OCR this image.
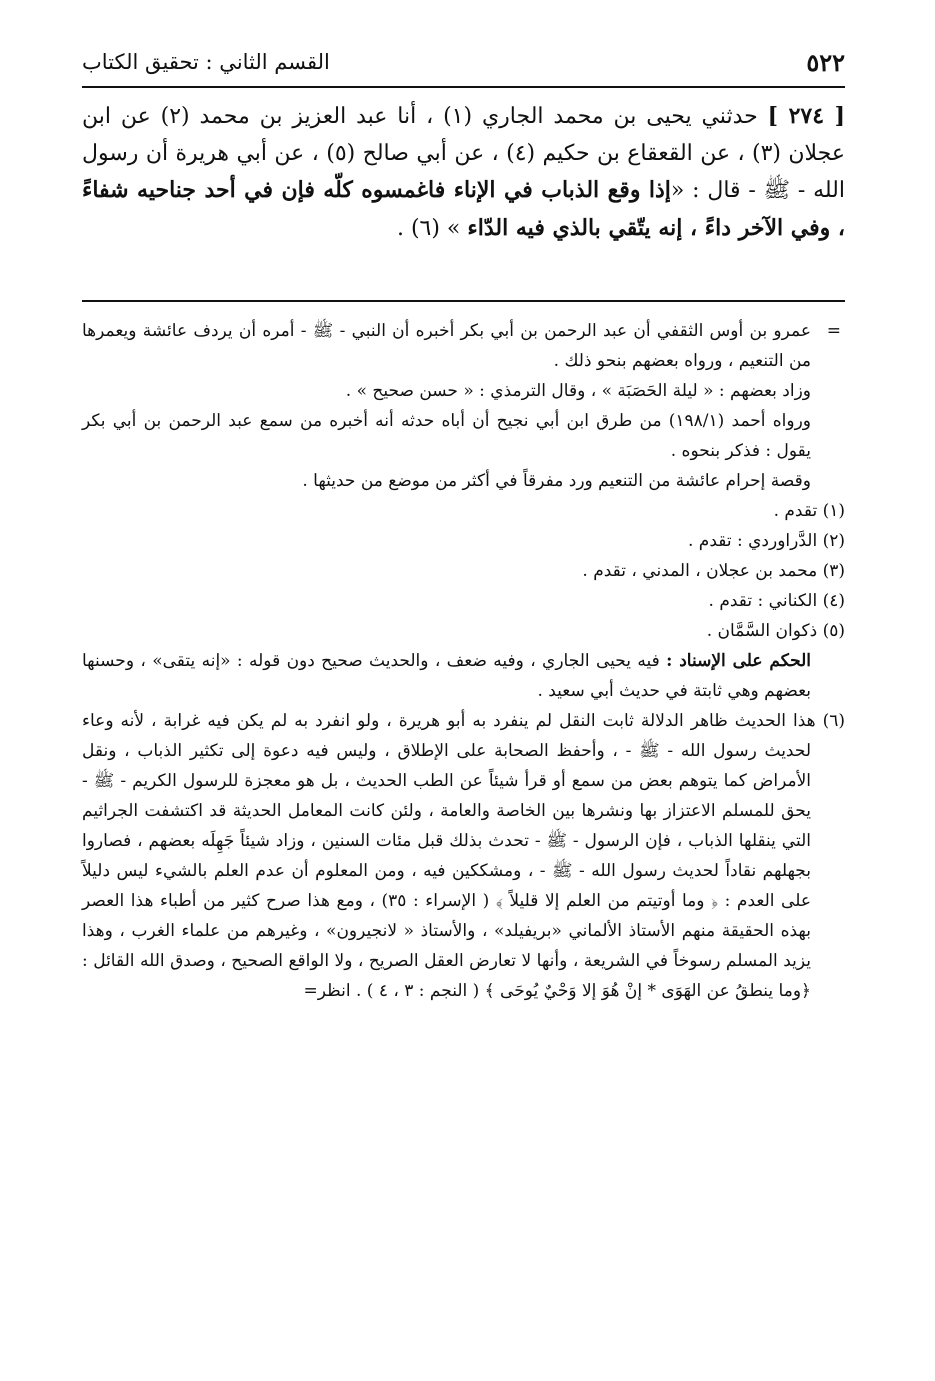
٥٢٢

القسم الثاني : تحقيق الكتاب

[ ٢٧٤ ] حدثني يحيى بن محمد الجاري (١) ، أنا عبد العزيز بن محمد (٢) عن ابن عجلان (٣) ، عن القعقاع بن حكيم (٤) ، عن أبي صالح (٥) ، عن أبي هريرة أن رسول الله - ﷺ - قال : «إذا وقع الذباب في الإناء فاغمسوه كلّه فإن في أحد جناحيه شفاءً ، وفي الآخر داءً ، إنه يتّقي بالذي فيه الدّاء » (٦) .

=
عمرو بن أوس الثقفي أن عبد الرحمن بن أبي بكر أخبره أن النبي - ﷺ - أمره أن يردف عائشة ويعمرها من التنعيم ، ورواه بعضهم بنحو ذلك .

وزاد بعضهم : « ليلة الحَصَبَة » ، وقال الترمذي : « حسن صحيح » .

ورواه أحمد (١٩٨/١) من طرق ابن أبي نجيح أن أباه حدثه أنه أخبره من سمع عبد الرحمن بن أبي بكر يقول : فذكر بنحوه .

وقصة إحرام عائشة من التنعيم ورد مفرقاً في أكثر من موضع من حديثها .

(١) تقدم .

(٢) الدَّراوردي : تقدم .

(٣) محمد بن عجلان ، المدني ، تقدم .

(٤) الكناني : تقدم .

(٥) ذكوان السَّمَّان .

الحكم على الإسناد : فيه يحيى الجاري ، وفيه ضعف ، والحديث صحيح دون قوله : «إنه يتقى» ، وحسنها بعضهم وهي ثابتة في حديث أبي سعيد .

(٦) هذا الحديث ظاهر الدلالة ثابت النقل لم ينفرد به أبو هريرة ، ولو انفرد به لم يكن فيه غرابة ، لأنه وعاء لحديث رسول الله - ﷺ - ، وأحفظ الصحابة على الإطلاق ، وليس فيه دعوة إلى تكثير الذباب ، ونقل الأمراض كما يتوهم بعض من سمع أو قرأ شيئاً عن الطب الحديث ، بل هو معجزة للرسول الكريم - ﷺ - يحق للمسلم الاعتزاز بها ونشرها بين الخاصة والعامة ، ولئن كانت المعامل الحديثة قد اكتشفت الجراثيم التي ينقلها الذباب ، فإن الرسول - ﷺ - تحدث بذلك قبل مئات السنين ، وزاد شيئاً جَهِلَه بعضهم ، فصاروا بجهلهم نقاداً لحديث رسول الله - ﷺ - ، ومشككين فيه ، ومن المعلوم أن عدم العلم بالشيء ليس دليلاً على العدم : ﴿ وما أوتيتم من العلم إلا قليلاً ﴾ ( الإسراء : ٣٥) ، ومع هذا صرح كثير من أطباء هذا العصر بهذه الحقيقة منهم الأستاذ الألماني «بريفيلد» ، والأستاذ « لانجيرون» ، وغيرهم من علماء الغرب ، وهذا يزيد المسلم رسوخاً في الشريعة ، وأنها لا تعارض العقل الصريح ، ولا الواقع الصحيح ، وصدق الله القائل : ﴿وما ينطقُ عن الهَوَى * إنْ هُوَ إلا وَحْيٌ يُوحَى ﴾ ( النجم : ٣ ، ٤ ) . انظر=
